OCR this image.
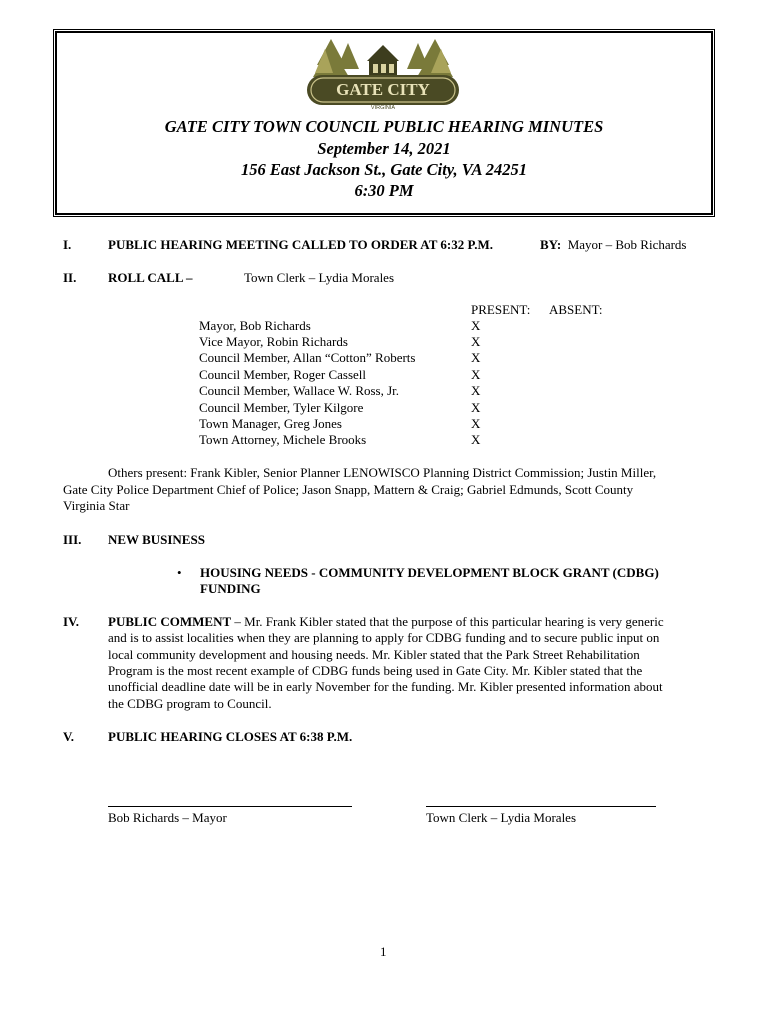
GATE CITY
VIRGINIA
GATE CITY TOWN COUNCIL PUBLIC HEARING MINUTES
September 14, 2021
156 East Jackson St., Gate City, VA 24251
6:30 PM
I.	PUBLIC HEARING MEETING CALLED TO ORDER AT 6:32 P.M.	BY: Mayor – Bob Richards
II. ROLL CALL –	Town Clerk – Lydia Morales
PRESENT: ABSENT:
Mayor, Bob Richards	X
Vice Mayor, Robin Richards	X
Council Member, Allan “Cotton” Roberts	X
Council Member, Roger Cassell	X
Council Member, Wallace W. Ross, Jr.	X
Council Member, Tyler Kilgore	X
Town Manager, Greg Jones	X
Town Attorney, Michele Brooks	X
Others present: Frank Kibler, Senior Planner LENOWISCO Planning District Commission; Justin Miller,
Gate City Police Department Chief of Police; Jason Snapp, Mattern & Craig; Gabriel Edmunds, Scott County
Virginia Star
III. NEW BUSINESS
• HOUSING NEEDS - COMMUNITY DEVELOPMENT BLOCK GRANT (CDBG)
FUNDING
IV. PUBLIC COMMENT – Mr. Frank Kibler stated that the purpose of this particular hearing is very generic
and is to assist localities when they are planning to apply for CDBG funding and to secure public input on
local community development and housing needs. Mr. Kibler stated that the Park Street Rehabilitation
Program is the most recent example of CDBG funds being used in Gate City. Mr. Kibler stated that the
unofficial deadline date will be in early November for the funding. Mr. Kibler presented information about
the CDBG program to Council.
V.	PUBLIC HEARING CLOSES AT 6:38 P.M.
Bob Richards – Mayor	Town Clerk – Lydia Morales
1
